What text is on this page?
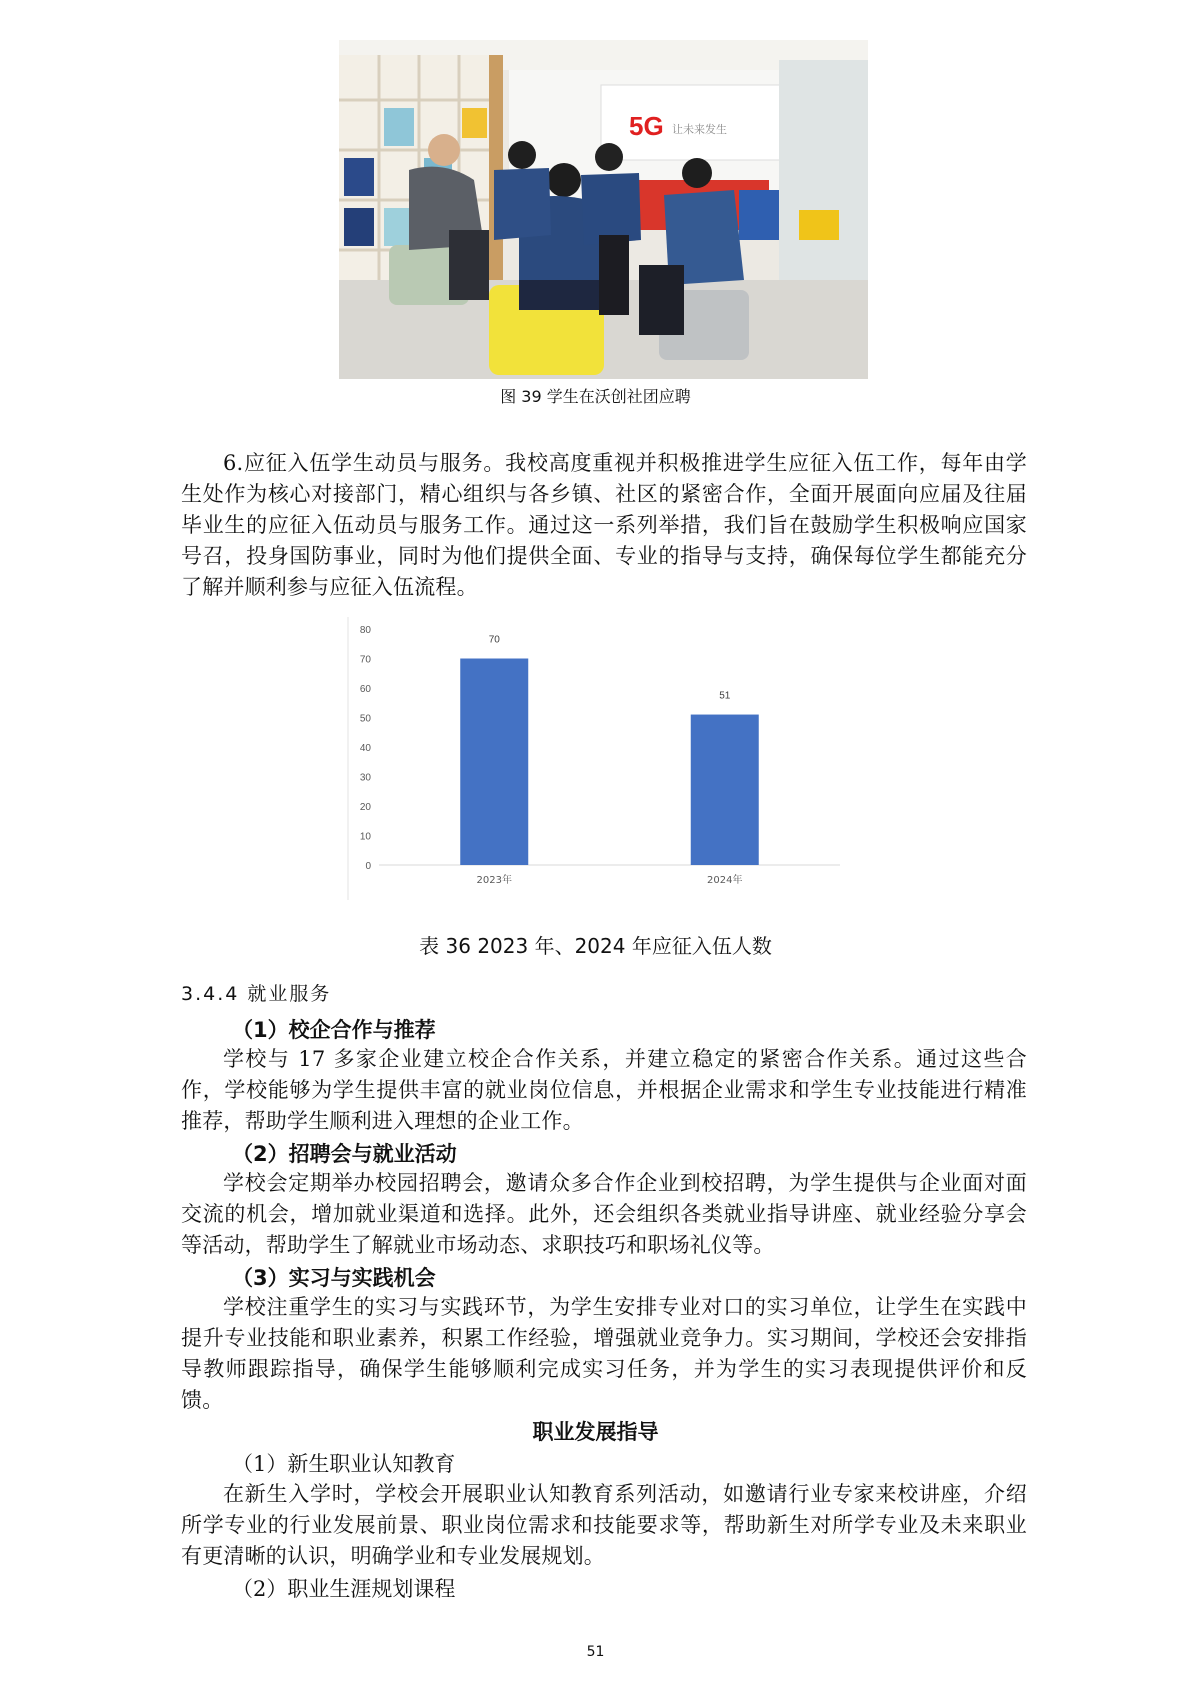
5G 让未来发生
图 39 学生在沃创社团应聘

6.应征入伍学生动员与服务。我校高度重视并积极推进学生应征入伍工作，每年由学生处作为核心对接部门，精心组织与各乡镇、社区的紧密合作，全面开展面向应届及往届毕业生的应征入伍动员与服务工作。通过这一系列举措，我们旨在鼓励学生积极响应国家号召，投身国防事业，同时为他们提供全面、专业的指导与支持，确保每位学生都能充分了解并顺利参与应征入伍流程。

0
10
20
30
40
50
60
70
80
70
2023年
51
2024年
表 36 2023 年、2024 年应征入伍人数
3.4.4 就业服务
（1）校企合作与推荐

学校与 17 多家企业建立校企合作关系，并建立稳定的紧密合作关系。通过这些合作，学校能够为学生提供丰富的就业岗位信息，并根据企业需求和学生专业技能进行精准推荐，帮助学生顺利进入理想的企业工作。

（2）招聘会与就业活动

学校会定期举办校园招聘会，邀请众多合作企业到校招聘，为学生提供与企业面对面交流的机会，增加就业渠道和选择。此外，还会组织各类就业指导讲座、就业经验分享会等活动，帮助学生了解就业市场动态、求职技巧和职场礼仪等。

（3）实习与实践机会

学校注重学生的实习与实践环节，为学生安排专业对口的实习单位，让学生在实践中提升专业技能和职业素养，积累工作经验，增强就业竞争力。实习期间，学校还会安排指导教师跟踪指导，确保学生能够顺利完成实习任务，并为学生的实习表现提供评价和反馈。

职业发展指导
（1）新生职业认知教育

在新生入学时，学校会开展职业认知教育系列活动，如邀请行业专家来校讲座，介绍所学专业的行业发展前景、职业岗位需求和技能要求等，帮助新生对所学专业及未来职业有更清晰的认识，明确学业和专业发展规划。

（2）职业生涯规划课程
51
